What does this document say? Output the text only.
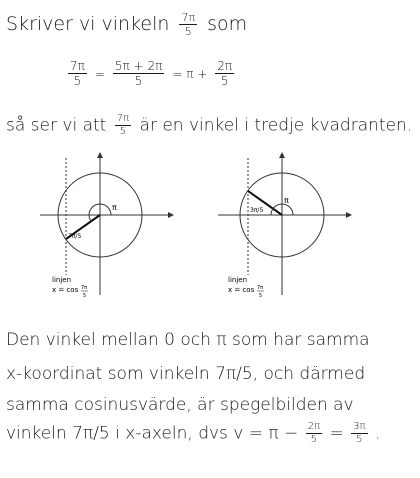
Skriver vi vinkeln $\frac{7\pi}{5}$ som
$\frac{7\pi}{5} = \frac{5\pi + 2\pi}{5} = \pi + \frac{2\pi}{5}$
så ser vi att $\frac{7\pi}{5}$ är en vinkel i tredje kvadranten.
π
7π/5
linjen
x = cos 7π
5
π
3π/5
linjen
x = cos 7π
5
Den vinkel mellan 0 och π som har samma
x-koordinat som vinkeln 7π/5, och därmed
samma cosinusvärde, är spegelbilden av
vinkeln 7π/5 i x-axeln, dvs $v = \pi - \frac{2\pi}{5} = \frac{3\pi}{5}$ .
